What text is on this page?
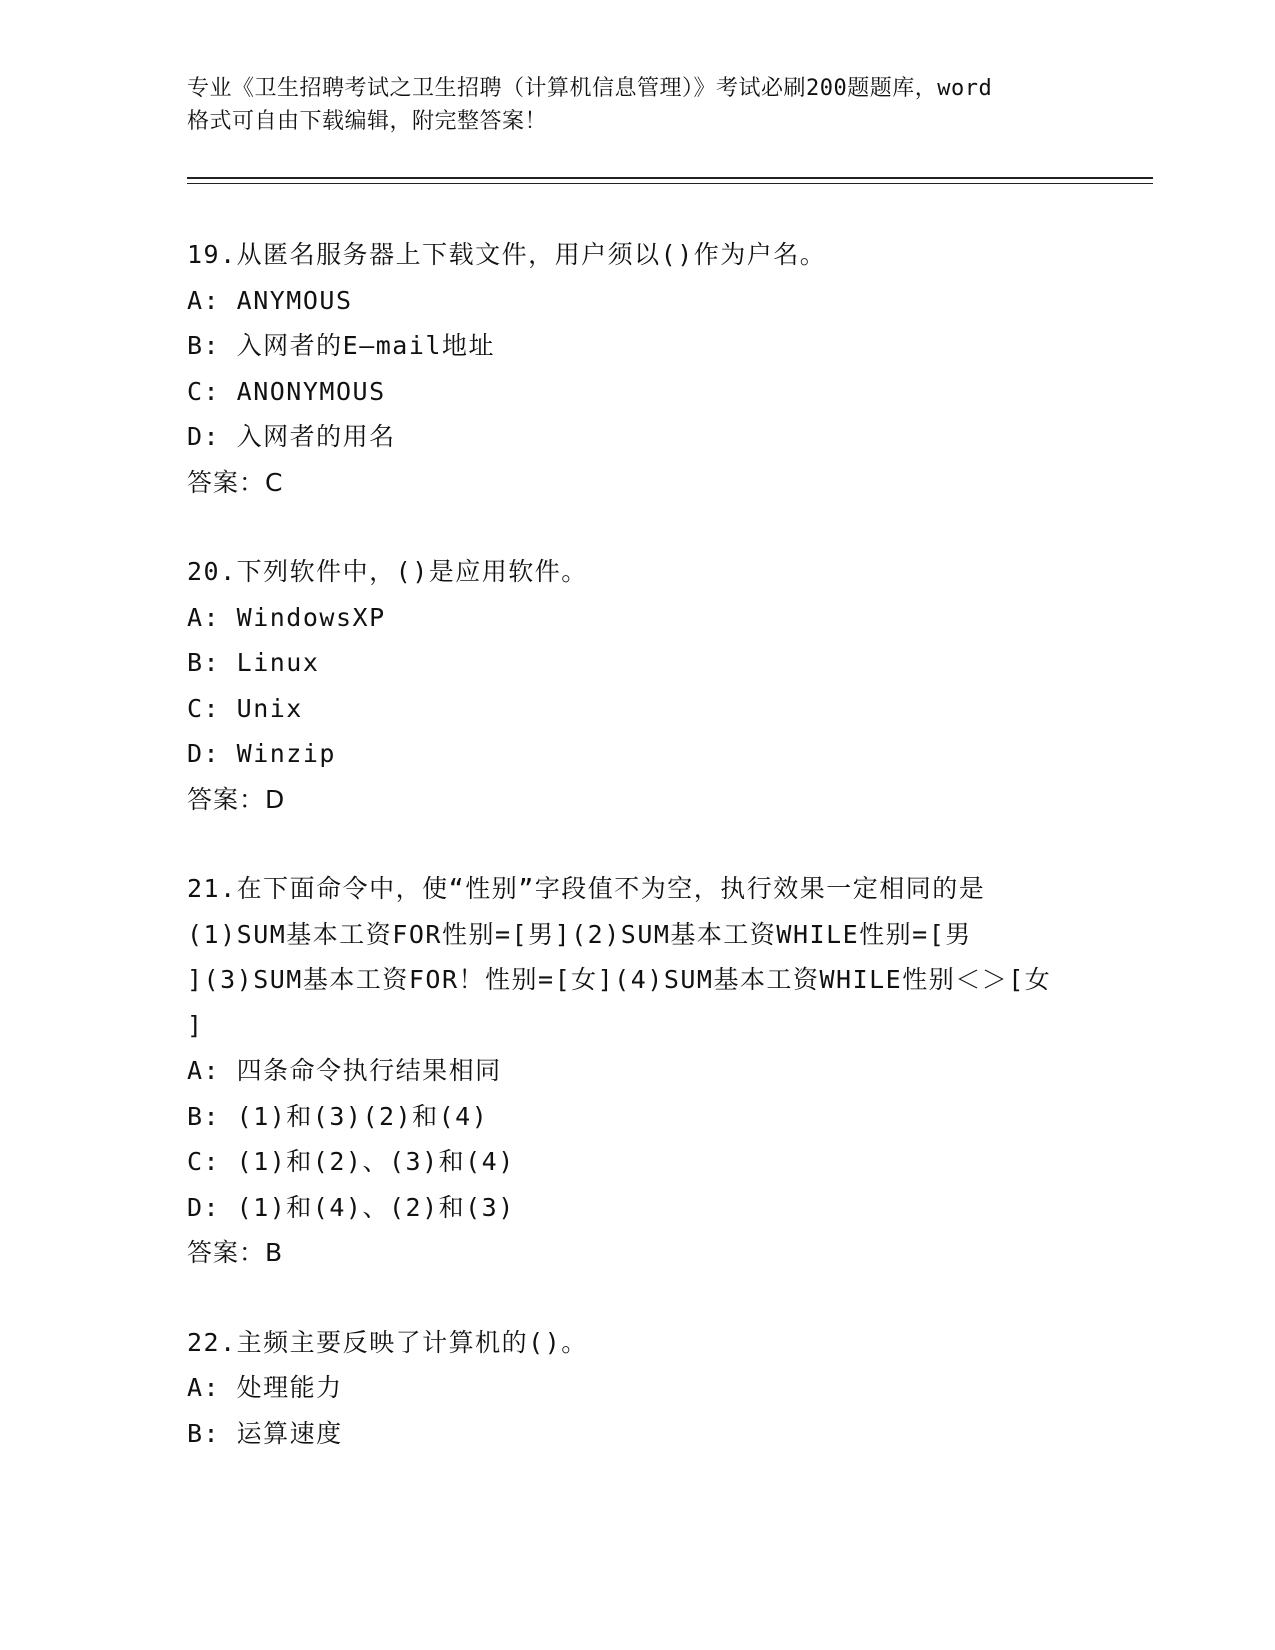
专业《卫生招聘考试之卫生招聘（计算机信息管理）》考试必刷200题题库，word
格式可自由下载编辑，附完整答案！
19.从匿名服务器上下载文件，用户须以()作为户名。
A: ANYMOUS
B: 入网者的E—mail地址
C: ANONYMOUS
D: 入网者的用名
答案：C
20.下列软件中，()是应用软件。
A: WindowsXP
B: Linux
C: Unix
D: Winzip
答案：D
21.在下面命令中，使“性别”字段值不为空，执行效果一定相同的是
(1)SUM基本工资FOR性别=[男](2)SUM基本工资WHILE性别=[男
](3)SUM基本工资FOR！性别=[女](4)SUM基本工资WHILE性别＜＞[女
]
A: 四条命令执行结果相同
B: (1)和(3)(2)和(4)
C: (1)和(2)、(3)和(4)
D: (1)和(4)、(2)和(3)
答案：B
22.主频主要反映了计算机的()。
A: 处理能力
B: 运算速度
